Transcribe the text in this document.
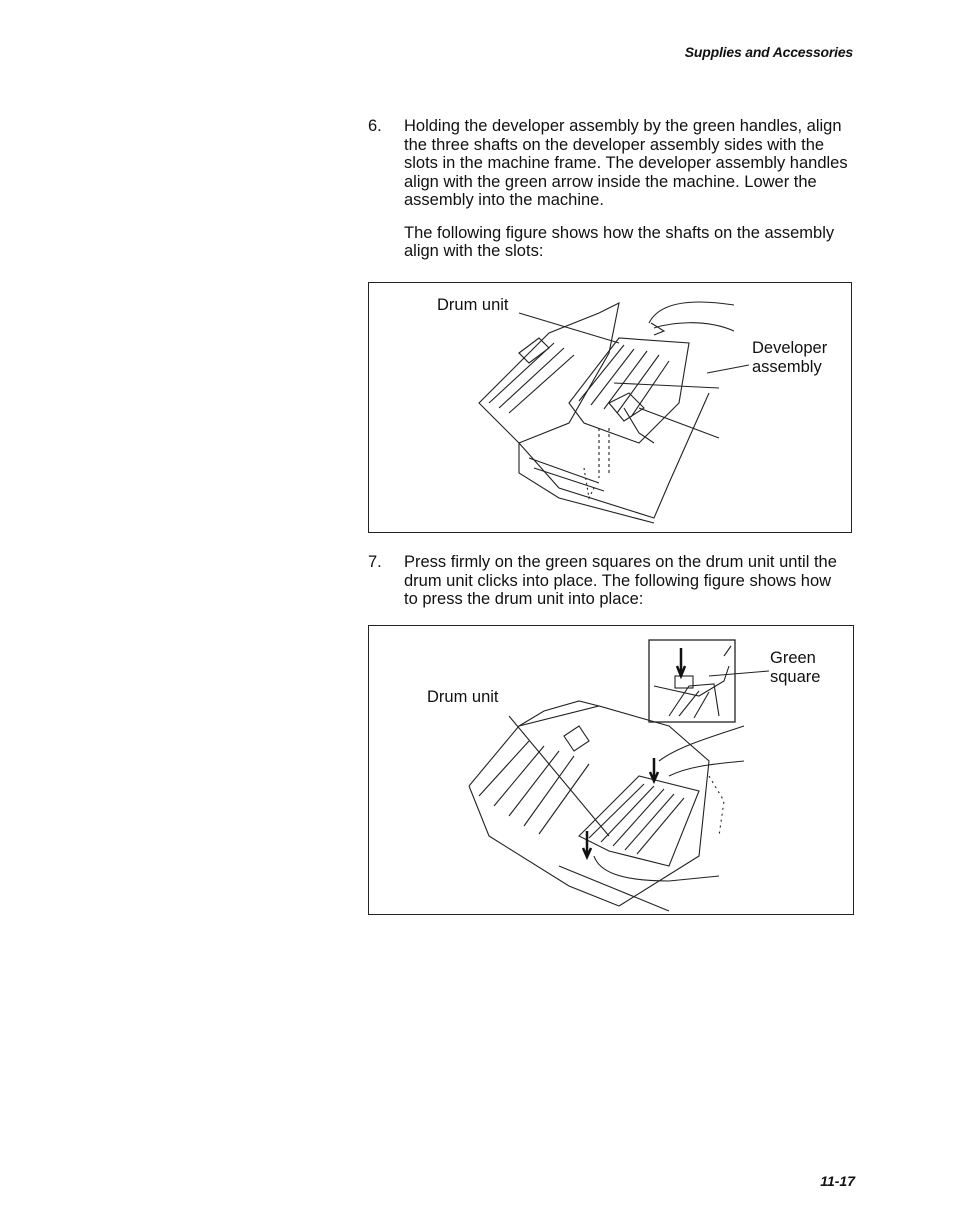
Supplies and Accessories
6. Holding the developer assembly by the green handles, align the three shafts on the developer assembly sides with the slots in the machine frame. The developer assembly handles align with the green arrow inside the machine. Lower the assembly into the machine.

The following figure shows how the shafts on the assembly align with the slots:

Drum unit
Developer
assembly
7. Press firmly on the green squares on the drum unit until the drum unit clicks into place. The following figure shows how to press the drum unit into place:

Drum unit
Green
square
11-17
